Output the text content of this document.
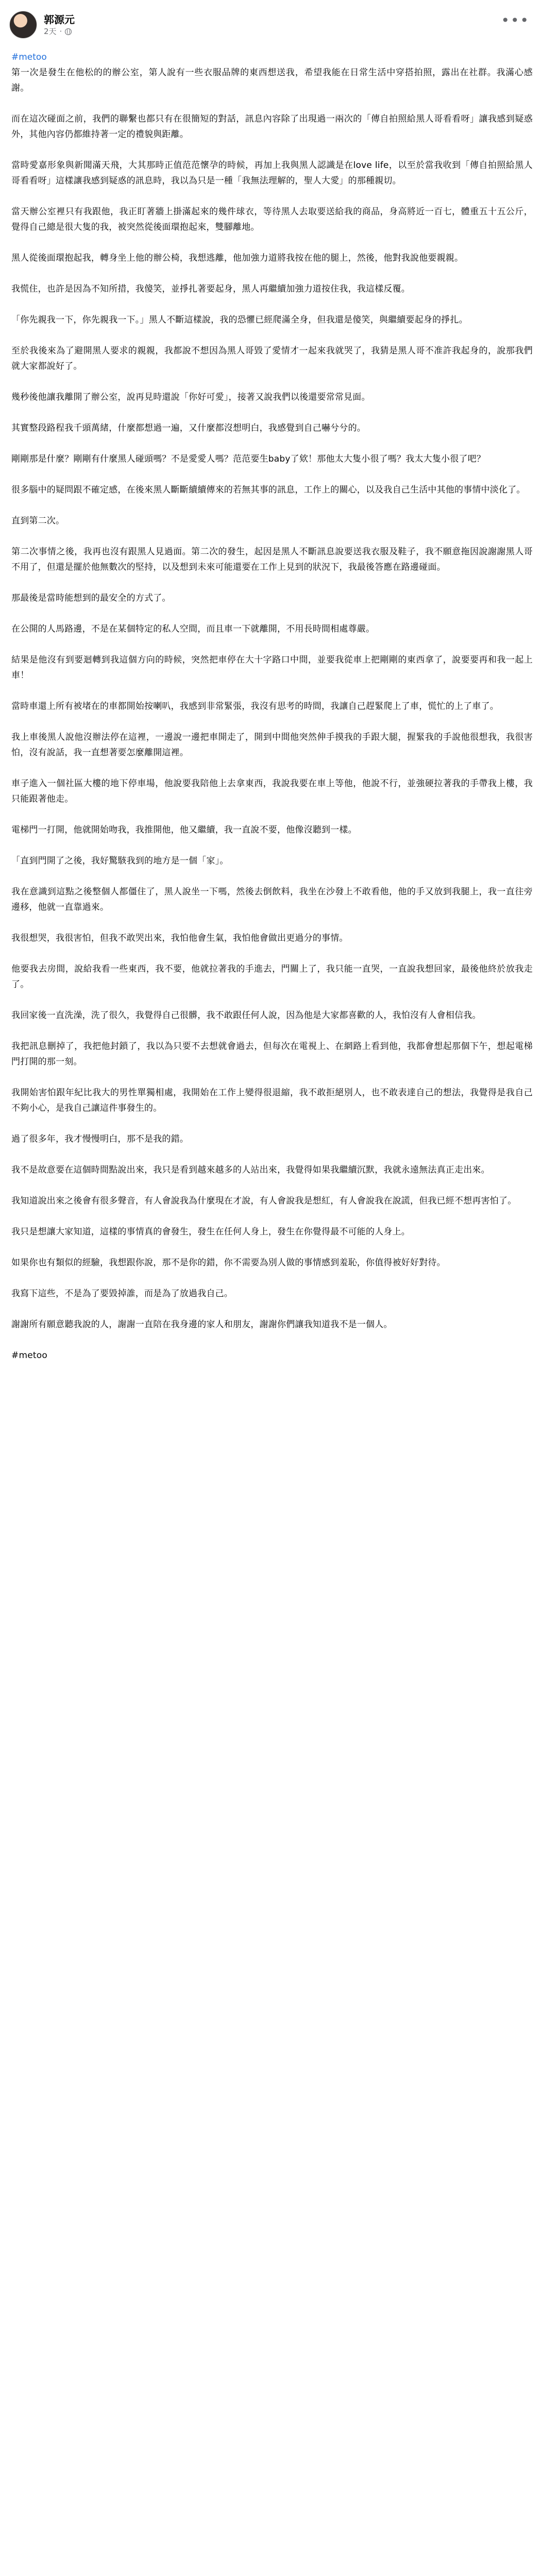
郭源元
2天 ·
•••

#metoo

第一次是發生在他松的的辦公室，第人說有一些衣服品牌的東西想送我，希望我能在日常生活中穿搭拍照，露出在社群。我滿心感謝。

而在這次碰面之前，我們的聯繫也都只有在很簡短的對話，訊息內容除了出現過一兩次的「傳自拍照給黑人哥看看呀」讓我感到疑惑外，其他內容仍都維持著一定的禮貌與距離。

當時愛嘉形象與新聞滿天飛，大其那時正值范范懷孕的時候，再加上我與黑人認識是在love life，以至於當我收到「傳自拍照給黑人哥看看呀」這樣讓我感到疑惑的訊息時，我以為只是一種「我無法理解的，聖人大愛」的那種親切。

當天辦公室裡只有我跟他，我正盯著牆上掛滿起來的幾件球衣，等待黑人去取要送給我的商品，身高將近一百七，體重五十五公斤，覺得自己總是很大隻的我，被突然從後面環抱起來，雙腳離地。

黑人從後面環抱起我，轉身坐上他的辦公椅，我想逃離，他加強力道將我按在他的腿上，然後，他對我說他要親親。

我慌住，也許是因為不知所措，我傻笑，並掙扎著要起身，黑人再繼續加強力道按住我，我這樣反覆。

「你先親我一下，你先親我一下。」黑人不斷這樣說，我的恐懼已經爬滿全身，但我還是傻笑，與繼續要起身的掙扎。

至於我後來為了避開黑人要求的親親，我都說不想因為黑人哥毀了愛情才一起來我就哭了，我猜是黑人哥不准許我起身的，說那我們就大家都說好了。

幾秒後他讓我離開了辦公室，說再見時還說「你好可愛」，接著又說我們以後還要常常見面。

其實整段路程我千頭萬緒，什麼都想過一遍，又什麼都沒想明白，我感覺到自己嚇兮兮的。

剛剛那是什麼？剛剛有什麼黑人碰頭嗎？不是愛愛人嗎？范范要生baby了欸！那他太大隻小很了嗎？我太大隻小很了吧？

很多腦中的疑問跟不確定感，在後來黑人斷斷續續傳來的若無其事的訊息，工作上的關心，以及我自己生活中其他的事情中淡化了。

直到第二次。

第二次事情之後，我再也沒有跟黑人見過面。第二次的發生，起因是黑人不斷訊息說要送我衣服及鞋子，我不願意拖因說謝謝黑人哥不用了，但還是擺於他無數次的堅持，以及想到未來可能還要在工作上見到的狀況下，我最後答應在路邊碰面。

那最後是當時能想到的最安全的方式了。

在公開的人馬路邊，不是在某個特定的私人空間，而且車一下就離開，不用長時間相處尊嚴。

結果是他沒有到要迴轉到我這個方向的時候，突然把車停在大十字路口中間，並要我從車上把剛剛的東西拿了，說要要再和我一起上車！

當時車還上所有被堵在的車都開始按喇叭，我感到非常緊張，我沒有思考的時間，我讓自己趕緊爬上了車，慌忙的上了車了。

我上車後黑人說他沒辦法停在這裡，一邊說一邊把車開走了，開到中間他突然伸手摸我的手跟大腿，握緊我的手說他很想我，我很害怕，沒有說話，我一直想著要怎麼離開這裡。

車子進入一個社區大樓的地下停車場，他說要我陪他上去拿東西，我說我要在車上等他，他說不行，並強硬拉著我的手帶我上樓，我只能跟著他走。

電梯門一打開，他就開始吻我，我推開他，他又繼續，我一直說不要，他像沒聽到一樣。

「直到門開了之後，我好驚駭我到的地方是一個「家」。

我在意識到這點之後整個人都僵住了，黑人說坐一下嗎，然後去倒飲料，我坐在沙發上不敢看他，他的手又放到我腿上，我一直往旁邊移，他就一直靠過來。

我很想哭，我很害怕，但我不敢哭出來，我怕他會生氣，我怕他會做出更過分的事情。

他要我去房間，說給我看一些東西，我不要，他就拉著我的手進去，門關上了，我只能一直哭，一直說我想回家，最後他終於放我走了。

我回家後一直洗澡，洗了很久，我覺得自己很髒，我不敢跟任何人說，因為他是大家都喜歡的人，我怕沒有人會相信我。

我把訊息刪掉了，我把他封鎖了，我以為只要不去想就會過去，但每次在電視上、在網路上看到他，我都會想起那個下午，想起電梯門打開的那一刻。

我開始害怕跟年紀比我大的男性單獨相處，我開始在工作上變得很退縮，我不敢拒絕別人，也不敢表達自己的想法，我覺得是我自己不夠小心，是我自己讓這件事發生的。

過了很多年，我才慢慢明白，那不是我的錯。

我不是故意要在這個時間點說出來，我只是看到越來越多的人站出來，我覺得如果我繼續沉默，我就永遠無法真正走出來。

我知道說出來之後會有很多聲音，有人會說我為什麼現在才說，有人會說我是想紅，有人會說我在說謊，但我已經不想再害怕了。

我只是想讓大家知道，這樣的事情真的會發生，發生在任何人身上，發生在你覺得最不可能的人身上。

如果你也有類似的經驗，我想跟你說，那不是你的錯，你不需要為別人做的事情感到羞恥，你值得被好好對待。

我寫下這些，不是為了要毀掉誰，而是為了放過我自己。

謝謝所有願意聽我說的人，謝謝一直陪在我身邊的家人和朋友，謝謝你們讓我知道我不是一個人。

#metoo
